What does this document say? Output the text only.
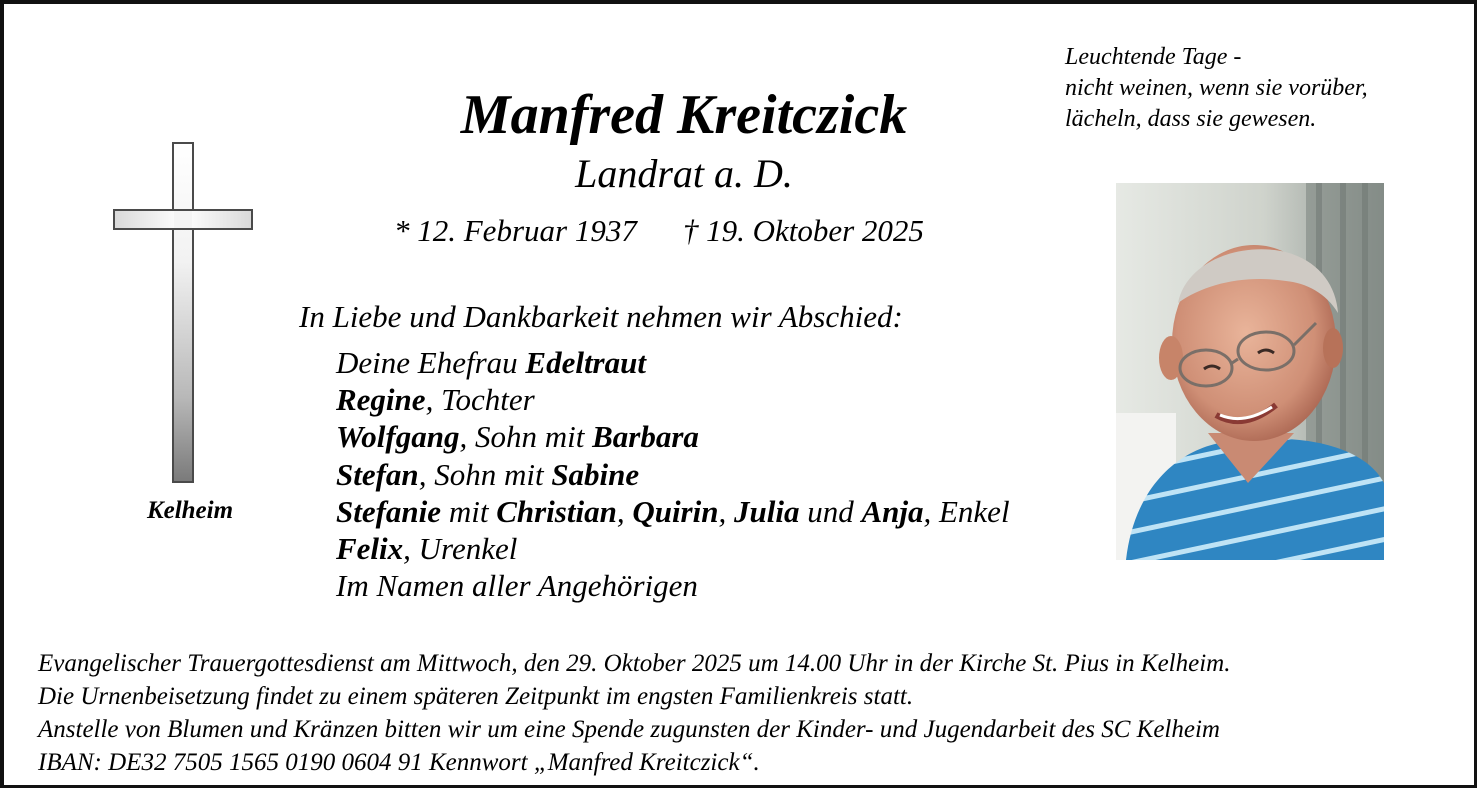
Leuchtende Tage -
nicht weinen, wenn sie vorüber,
lächeln, dass sie gewesen.
Manfred Kreitczick
Landrat a. D.
* 12. Februar 1937 † 19. Oktober 2025
Kelheim
In Liebe und Dankbarkeit nehmen wir Abschied:
Deine Ehefrau Edeltraut
Regine, Tochter
Wolfgang, Sohn mit Barbara
Stefan, Sohn mit Sabine
Stefanie mit Christian, Quirin, Julia und Anja, Enkel
Felix, Urenkel
Im Namen aller Angehörigen
Evangelischer Trauergottesdienst am Mittwoch, den 29. Oktober 2025 um 14.00 Uhr in der Kirche St. Pius in Kelheim.
Die Urnenbeisetzung findet zu einem späteren Zeitpunkt im engsten Familienkreis statt.
Anstelle von Blumen und Kränzen bitten wir um eine Spende zugunsten der Kinder- und Jugendarbeit des SC Kelheim
IBAN: DE32 7505 1565 0190 0604 91 Kennwort „Manfred Kreitczick“.
